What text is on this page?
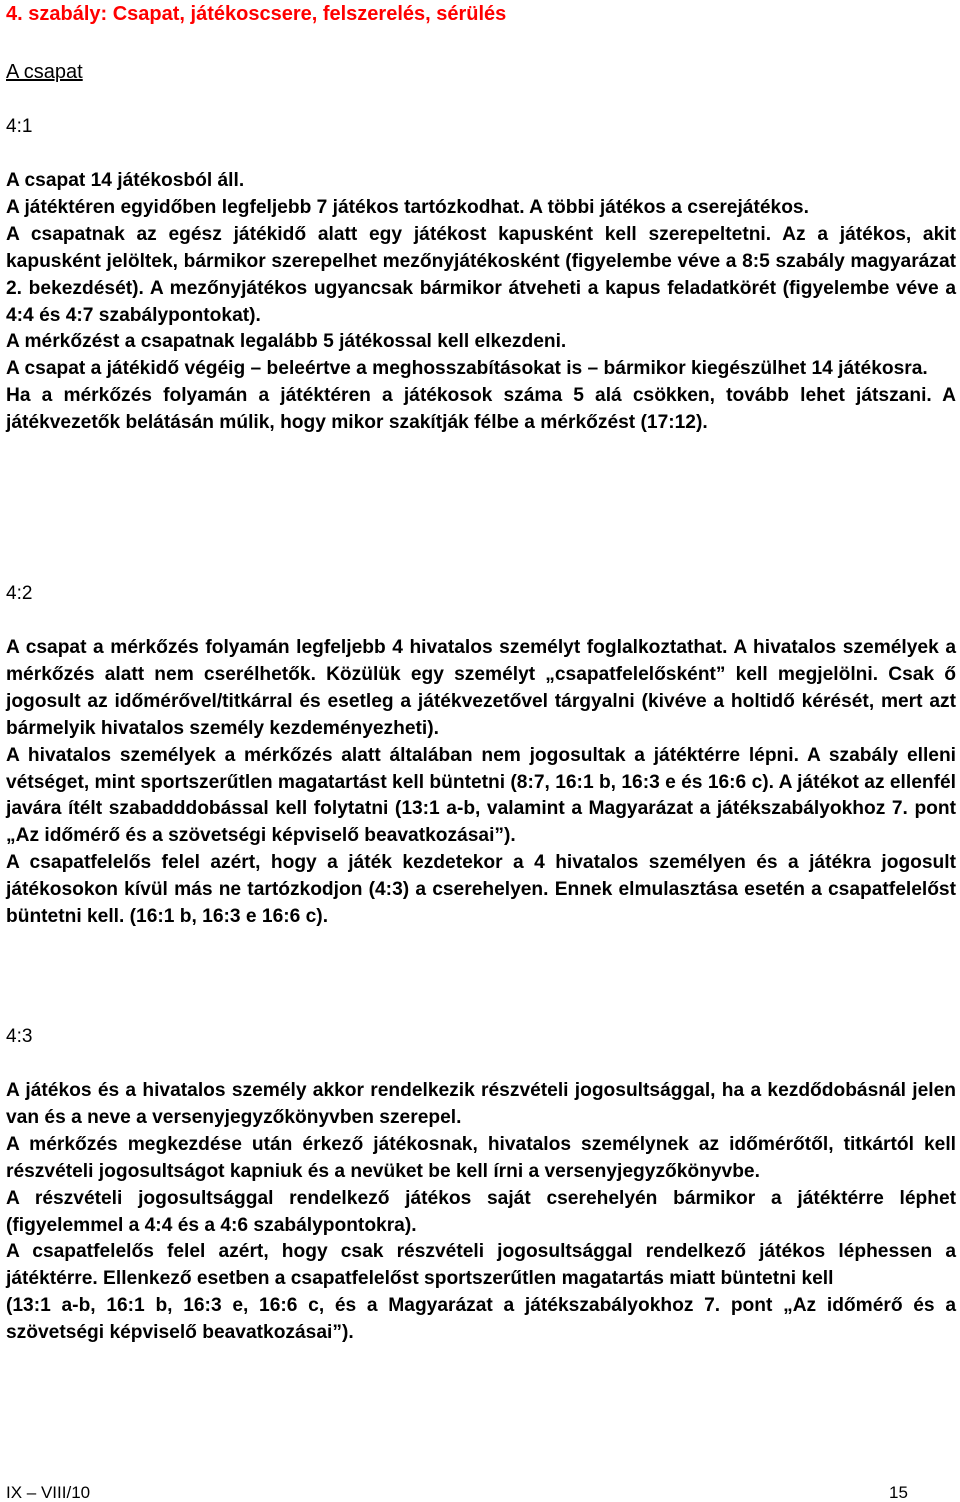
4. szabály: Csapat, játékoscsere, felszerelés, sérülés
A csapat
4:1

A csapat 14 játékosból áll.

A játéktéren egyidőben legfeljebb 7 játékos tartózkodhat. A többi játékos a cserejátékos.

A csapatnak az egész játékidő alatt egy játékost kapusként kell szerepeltetni. Az a játékos, akit kapusként jelöltek, bármikor szerepelhet mezőnyjátékosként (figyelembe véve a 8:5 szabály magyarázat 2. bekezdését). A mezőnyjátékos ugyancsak bármikor átveheti a kapus feladatkörét (figyelembe véve a 4:4 és 4:7 szabálypontokat).

A mérkőzést a csapatnak legalább 5 játékossal kell elkezdeni.

A csapat a játékidő végéig – beleértve a meghosszabításokat is – bármikor kiegészülhet 14 játékosra.

Ha a mérkőzés folyamán a játéktéren a játékosok száma 5 alá csökken, tovább lehet játszani. A játékvezetők belátásán múlik, hogy mikor szakítják félbe a mérkőzést (17:12).

4:2

A csapat a mérkőzés folyamán legfeljebb 4 hivatalos személyt foglalkoztathat. A hivatalos személyek a mérkőzés alatt nem cserélhetők. Közülük egy személyt „csapatfelelősként” kell megjelölni. Csak ő jogosult az időmérővel/titkárral és esetleg a játékvezetővel tárgyalni (kivéve a holtidő kérését, mert azt bármelyik hivatalos személy kezdeményezheti).

A hivatalos személyek a mérkőzés alatt általában nem jogosultak a játéktérre lépni. A szabály elleni vétséget, mint sportszerűtlen magatartást kell büntetni (8:7, 16:1 b, 16:3 e és 16:6 c). A játékot az ellenfél javára ítélt szabadddobással kell folytatni (13:1 a-b, valamint a Magyarázat a játékszabályokhoz 7. pont „Az időmérő és a szövetségi képviselő beavatkozásai”).

A csapatfelelős felel azért, hogy a játék kezdetekor a 4 hivatalos személyen és a játékra jogosult játékosokon kívül más ne tartózkodjon (4:3) a cserehelyen. Ennek elmulasztása esetén a csapatfelelőst büntetni kell. (16:1 b, 16:3 e 16:6 c).

4:3

A játékos és a hivatalos személy akkor rendelkezik részvételi jogosultsággal, ha a kezdődobásnál jelen van és a neve a versenyjegyzőkönyvben szerepel.

A mérkőzés megkezdése után érkező játékosnak, hivatalos személynek az időmérőtől, titkártól kell részvételi jogosultságot kapniuk és a nevüket be kell írni a versenyjegyzőkönyvbe.

A részvételi jogosultsággal rendelkező játékos saját cserehelyén bármikor a játéktérre léphet (figyelemmel a 4:4 és a 4:6 szabálypontokra).

A csapatfelelős felel azért, hogy csak részvételi jogosultsággal rendelkező játékos léphessen a játéktérre. Ellenkező esetben a csapatfelelőst sportszerűtlen magatartás miatt büntetni kell

(13:1 a-b, 16:1 b, 16:3 e, 16:6 c, és a Magyarázat a játékszabályokhoz 7. pont „Az időmérő és a szövetségi képviselő beavatkozásai”).

IX – VIII/10	15
